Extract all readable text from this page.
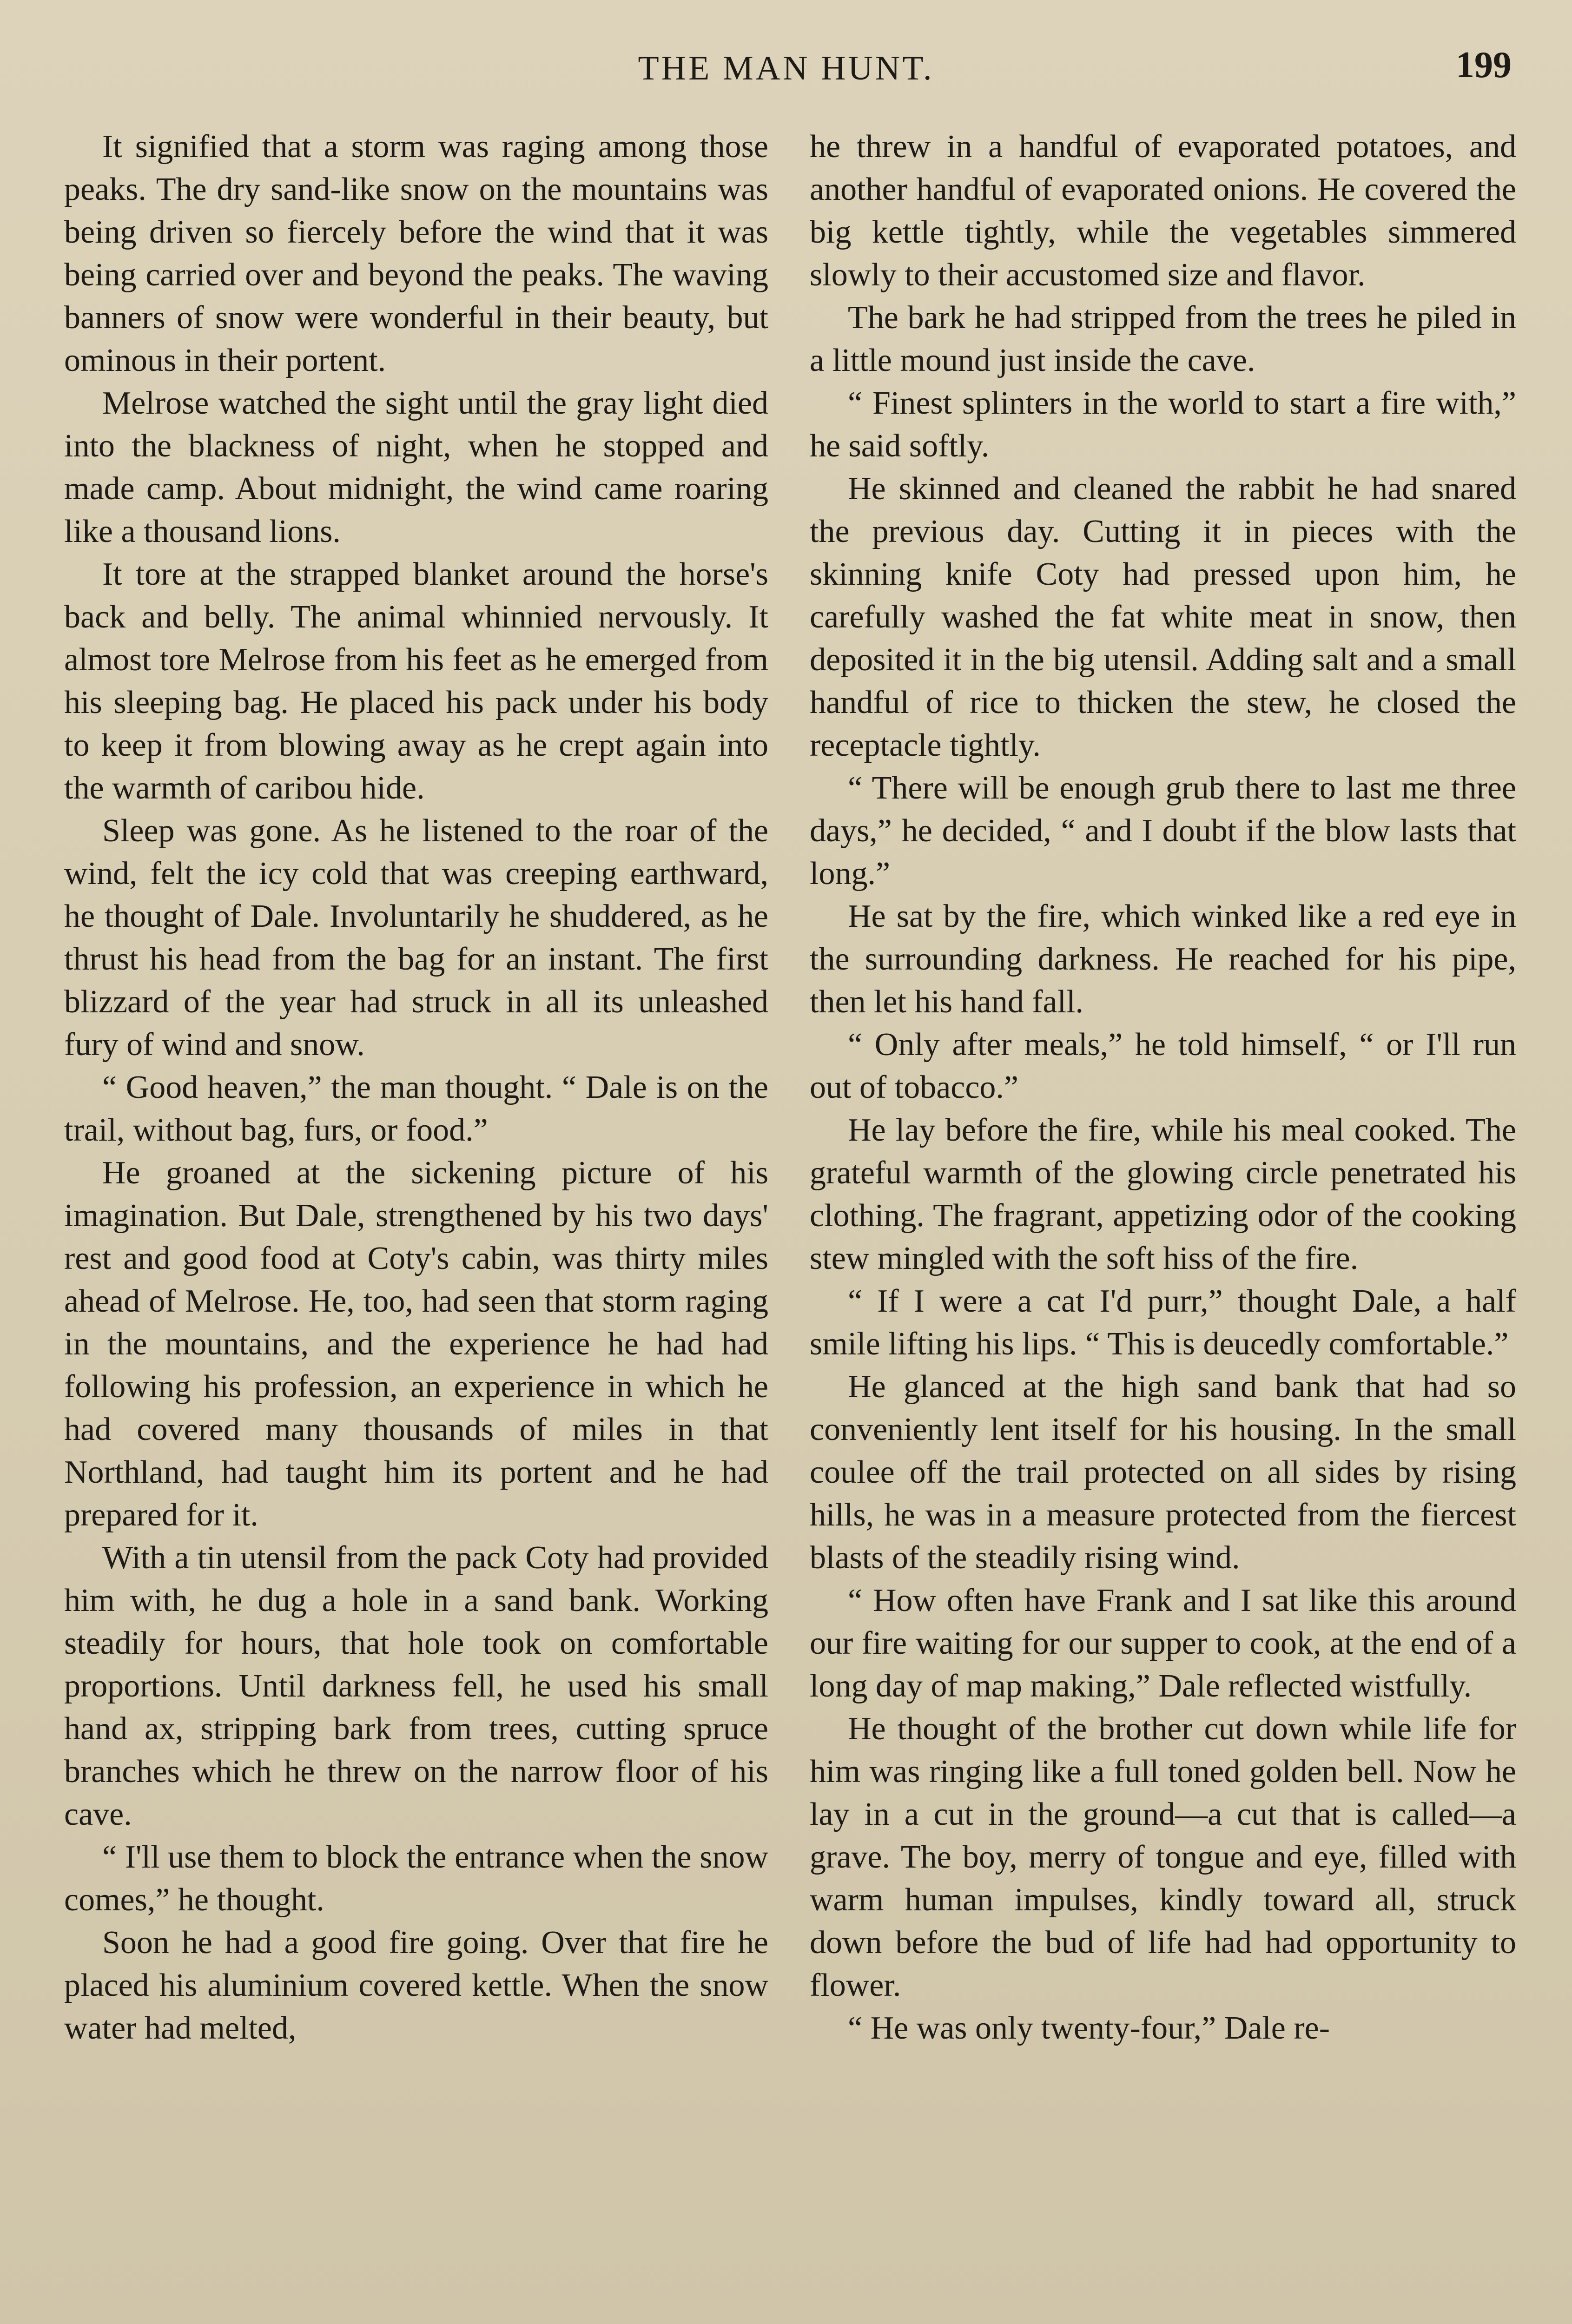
THE MAN HUNT.	199

It signified that a storm was raging among those peaks. The dry sand-like snow on the mountains was being driven so fiercely before the wind that it was being carried over and beyond the peaks. The waving banners of snow were wonderful in their beauty, but ominous in their portent.

Melrose watched the sight until the gray light died into the blackness of night, when he stopped and made camp. About midnight, the wind came roaring like a thousand lions.

It tore at the strapped blanket around the horse's back and belly. The animal whinnied nervously. It almost tore Melrose from his feet as he emerged from his sleeping bag. He placed his pack under his body to keep it from blowing away as he crept again into the warmth of caribou hide.

Sleep was gone. As he listened to the roar of the wind, felt the icy cold that was creeping earthward, he thought of Dale. Involuntarily he shuddered, as he thrust his head from the bag for an instant. The first blizzard of the year had struck in all its unleashed fury of wind and snow.

“ Good heaven,” the man thought. “ Dale is on the trail, without bag, furs, or food.”

He groaned at the sickening picture of his imagination. But Dale, strengthened by his two days' rest and good food at Coty's cabin, was thirty miles ahead of Melrose. He, too, had seen that storm raging in the mountains, and the experience he had had following his profession, an experience in which he had covered many thousands of miles in that Northland, had taught him its portent and he had prepared for it.

With a tin utensil from the pack Coty had provided him with, he dug a hole in a sand bank. Working steadily for hours, that hole took on comfortable proportions. Until darkness fell, he used his small hand ax, stripping bark from trees, cutting spruce branches which he threw on the narrow floor of his cave.

“ I'll use them to block the entrance when the snow comes,” he thought.

Soon he had a good fire going. Over that fire he placed his aluminium covered kettle. When the snow water had melted,

he threw in a handful of evaporated potatoes, and another handful of evaporated onions. He covered the big kettle tightly, while the vegetables simmered slowly to their accustomed size and flavor.

The bark he had stripped from the trees he piled in a little mound just inside the cave.

“ Finest splinters in the world to start a fire with,” he said softly.

He skinned and cleaned the rabbit he had snared the previous day. Cutting it in pieces with the skinning knife Coty had pressed upon him, he carefully washed the fat white meat in snow, then deposited it in the big utensil. Adding salt and a small handful of rice to thicken the stew, he closed the receptacle tightly.

“ There will be enough grub there to last me three days,” he decided, “ and I doubt if the blow lasts that long.”

He sat by the fire, which winked like a red eye in the surrounding darkness. He reached for his pipe, then let his hand fall.

“ Only after meals,” he told himself, “ or I'll run out of tobacco.”

He lay before the fire, while his meal cooked. The grateful warmth of the glowing circle penetrated his clothing. The fragrant, appetizing odor of the cooking stew mingled with the soft hiss of the fire.

“ If I were a cat I'd purr,” thought Dale, a half smile lifting his lips. “ This is deucedly comfortable.”

He glanced at the high sand bank that had so conveniently lent itself for his housing. In the small coulee off the trail protected on all sides by rising hills, he was in a measure protected from the fiercest blasts of the steadily rising wind.

“ How often have Frank and I sat like this around our fire waiting for our supper to cook, at the end of a long day of map making,” Dale reflected wistfully.

He thought of the brother cut down while life for him was ringing like a full toned golden bell. Now he lay in a cut in the ground—a cut that is called—a grave. The boy, merry of tongue and eye, filled with warm human impulses, kindly toward all, struck down before the bud of life had had opportunity to flower.

“ He was only twenty-four,” Dale re-
